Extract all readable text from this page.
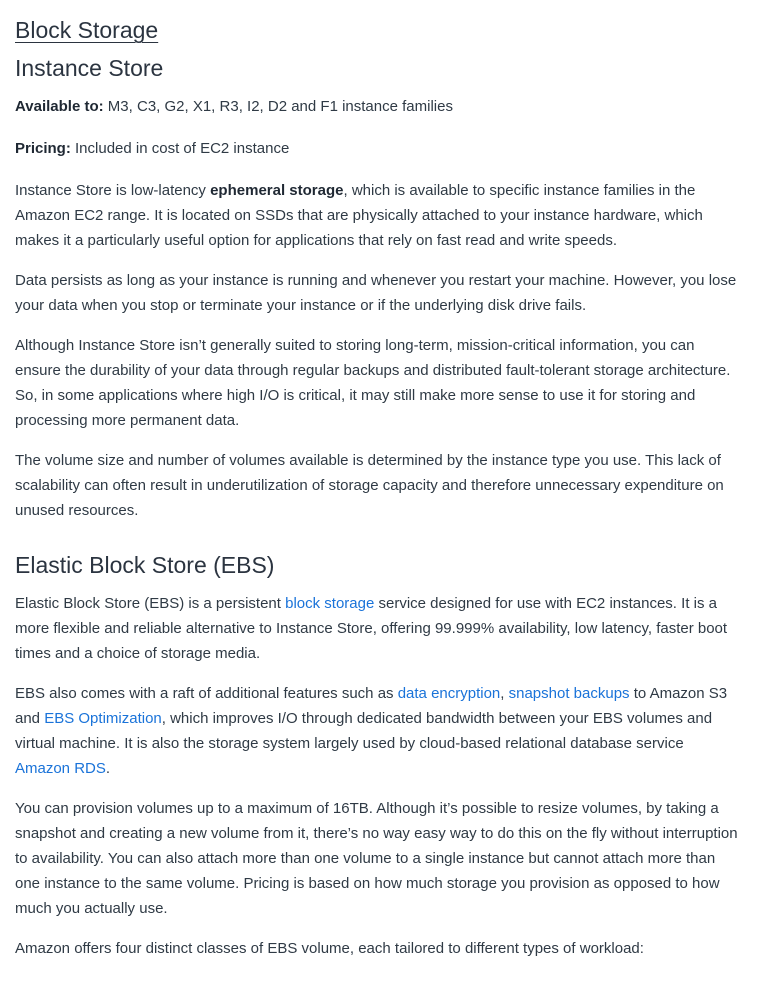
Block Storage
Instance Store

Available to: M3, C3, G2, X1, R3, I2, D2 and F1 instance families

Pricing: Included in cost of EC2 instance

Instance Store is low-latency ephemeral storage, which is available to specific instance families in the Amazon EC2 range. It is located on SSDs that are physically attached to your instance hardware, which makes it a particularly useful option for applications that rely on fast read and write speeds.

Data persists as long as your instance is running and whenever you restart your machine. However, you lose your data when you stop or terminate your instance or if the underlying disk drive fails.

Although Instance Store isn’t generally suited to storing long-term, mission-critical information, you can ensure the durability of your data through regular backups and distributed fault-tolerant storage architecture. So, in some applications where high I/O is critical, it may still make more sense to use it for storing and processing more permanent data.

The volume size and number of volumes available is determined by the instance type you use. This lack of scalability can often result in underutilization of storage capacity and therefore unnecessary expenditure on unused resources.

Elastic Block Store (EBS)

Elastic Block Store (EBS) is a persistent block storage service designed for use with EC2 instances. It is a more flexible and reliable alternative to Instance Store, offering 99.999% availability, low latency, faster boot times and a choice of storage media.

EBS also comes with a raft of additional features such as data encryption, snapshot backups to Amazon S3 and EBS Optimization, which improves I/O through dedicated bandwidth between your EBS volumes and virtual machine. It is also the storage system largely used by cloud-based relational database service Amazon RDS.

You can provision volumes up to a maximum of 16TB. Although it’s possible to resize volumes, by taking a snapshot and creating a new volume from it, there’s no way easy way to do this on the fly without interruption to availability. You can also attach more than one volume to a single instance but cannot attach more than one instance to the same volume. Pricing is based on how much storage you provision as opposed to how much you actually use.

Amazon offers four distinct classes of EBS volume, each tailored to different types of workload:
